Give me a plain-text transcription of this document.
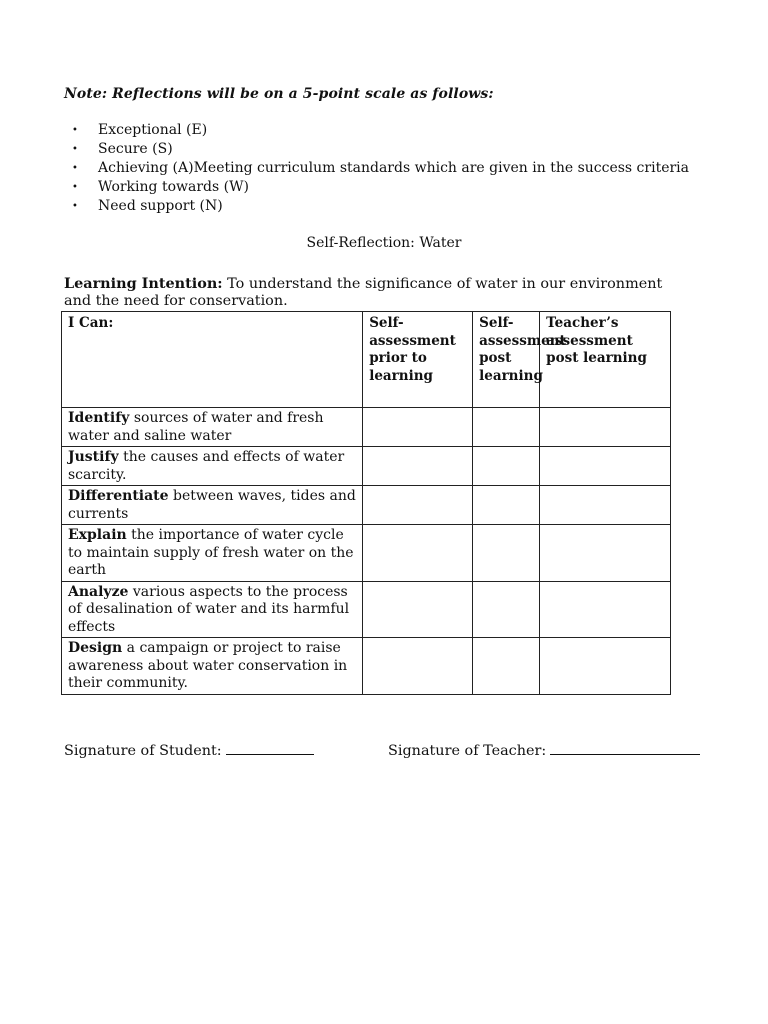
Note: Reflections will be on a 5-point scale as follows:
• Exceptional (E)
• Secure (S)
• Achieving (A)Meeting curriculum standards which are given in the success criteria
• Working towards (W)
• Need support (N)
Self-Reflection: Water
Learning Intention: To understand the significance of water in our environment and the need for conservation.
I Can:	Self-assessment prior to learning	Self-assessment post learning	Teacher’s assessment post learning
Identify sources of water and fresh water and saline water			
Justify the causes and effects of water scarcity.			
Differentiate between waves, tides and currents			
Explain the importance of water cycle to maintain supply of fresh water on the earth			
Analyze various aspects to the process of desalination of water and its harmful effects			
Design a campaign or project to raise awareness about water conservation in their community.			
Signature of Student:	Signature of Teacher:
